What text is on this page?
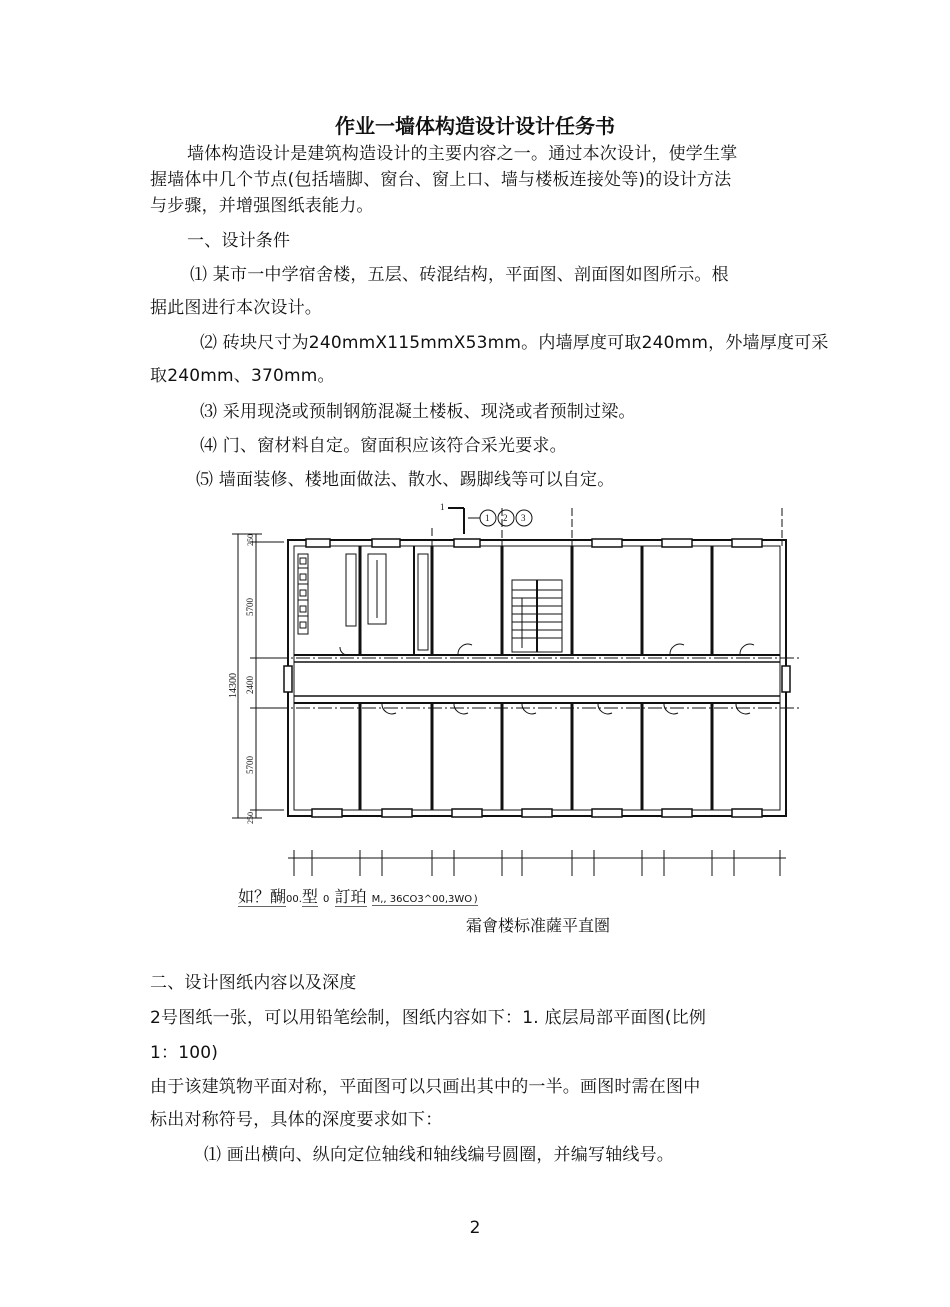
作业一墙体构造设计设计任务书
墙体构造设计是建筑构造设计的主要内容之一。通过本次设计，使学生掌
握墙体中几个节点(包括墙脚、窗台、窗上口、墙与楼板连接处等)的设计方法
与步骤，并增强图纸表能力。
一、设计条件
⑴ 某市一中学宿舍楼，五层、砖混结构，平面图、剖面图如图所示。根
据此图进行本次设计。
⑵ 砖块尺寸为240mmX115mmX53mm。内墙厚度可取240mm，外墙厚度可采
取240mm、370mm。
⑶ 采用现浇或预制钢筋混凝土楼板、现浇或者预制过梁。
⑷ 门、窗材料自定。窗面积应该符合采光要求。
⑸ 墙面装修、楼地面做法、散水、踢脚线等可以自定。
1
1 2 3
14300
250
5700
2400
5700
250
如？醐00.型 0 訂珀 M,, 36CO3^00,3WO )
霜會楼标准薩平直圏
二、设计图纸内容以及深度
2号图纸一张，可以用铅笔绘制，图纸内容如下：1. 底层局部平面图(比例
1：100)
由于该建筑物平面对称，平面图可以只画出其中的一半。画图时需在图中
标出对称符号，具体的深度要求如下：
⑴ 画出横向、纵向定位轴线和轴线编号圆圈，并编写轴线号。
2
